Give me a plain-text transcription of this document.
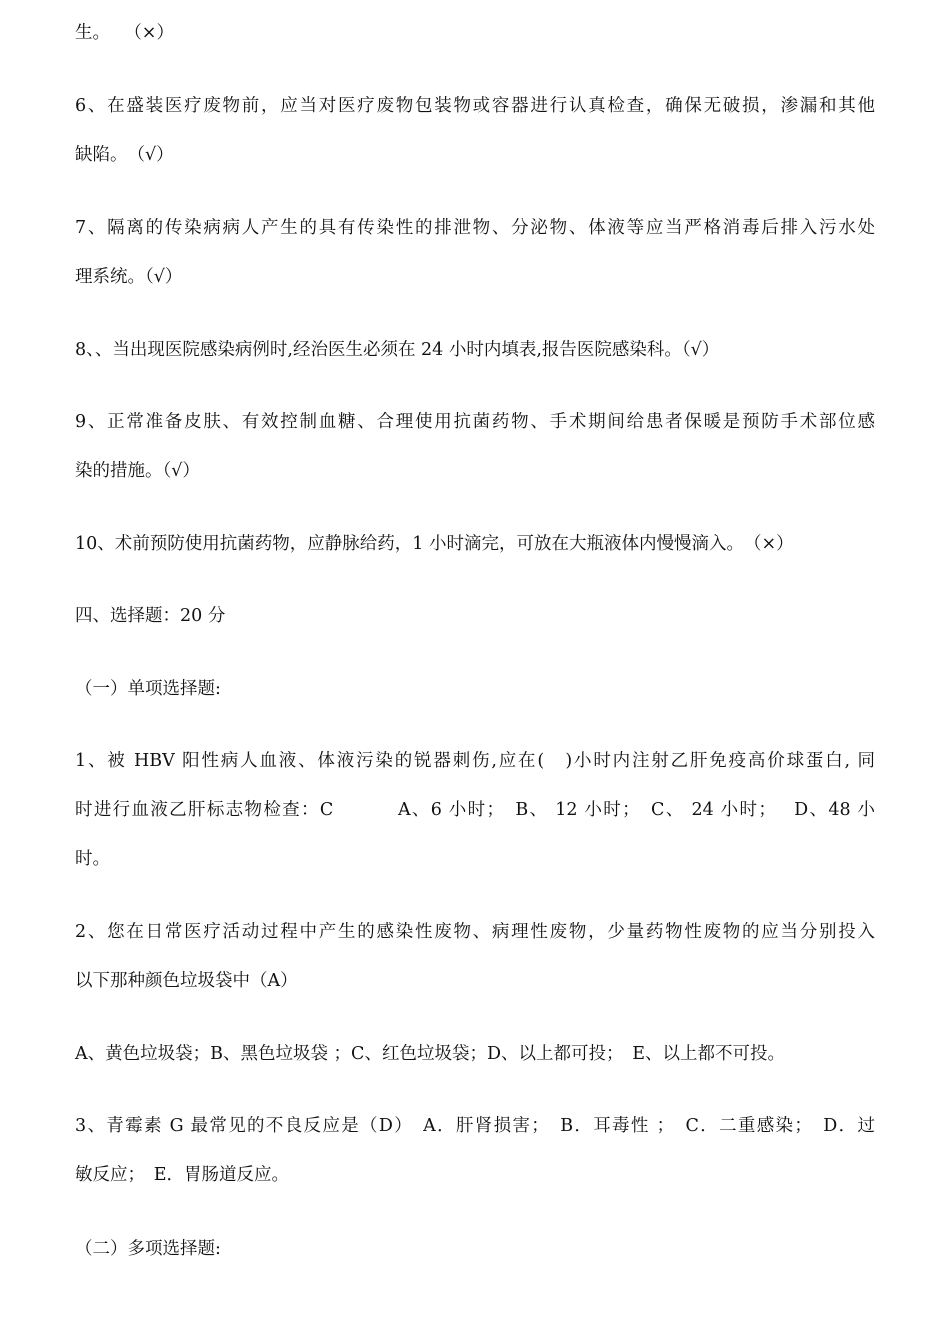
生。　 （×）
6、在盛装医疗废物前，应当对医疗废物包装物或容器进行认真检查，确保无破损，渗漏和其他
缺陷。　（√）
7、隔离的传染病病人产生的具有传染性的排泄物、分泌物、体液等应当严格消毒后排入污水处
理系统。（√）
8、、当出现医院感染病例时,经治医生必须在 24 小时内填表,报告医院感染科。（√）
9、正常准备皮肤、有效控制血糖、合理使用抗菌药物、手术期间给患者保暖是预防手术部位感
染的措施。（√）
10、术前预防使用抗菌药物，应静脉给药，1 小时滴完，可放在大瓶液体内慢慢滴入。　（×）
四、选择题：20 分
（一）单项选择题:
1、被 HBV 阳性病人血液、体液污染的锐器刺伤,应在(　)小时内注射乙肝免疫高价球蛋白, 同
时进行血液乙肝标志物检查：C　　　 A、6 小时；　B、 12 小时；　C、 24 小时；　 D、48 小
时。
2、您在日常医疗活动过程中产生的感染性废物、病理性废物，少量药物性废物的应当分别投入
以下那种颜色垃圾袋中（A）
A、黄色垃圾袋；B、黑色垃圾袋 ；C、红色垃圾袋；D、以上都可投；　E、以上都不可投。
3、青霉素 G 最常见的不良反应是（D）　A．肝肾损害；　B．耳毒性 ；　C．二重感染；　D．过
敏反应；　E．胃肠道反应。
（二）多项选择题:
